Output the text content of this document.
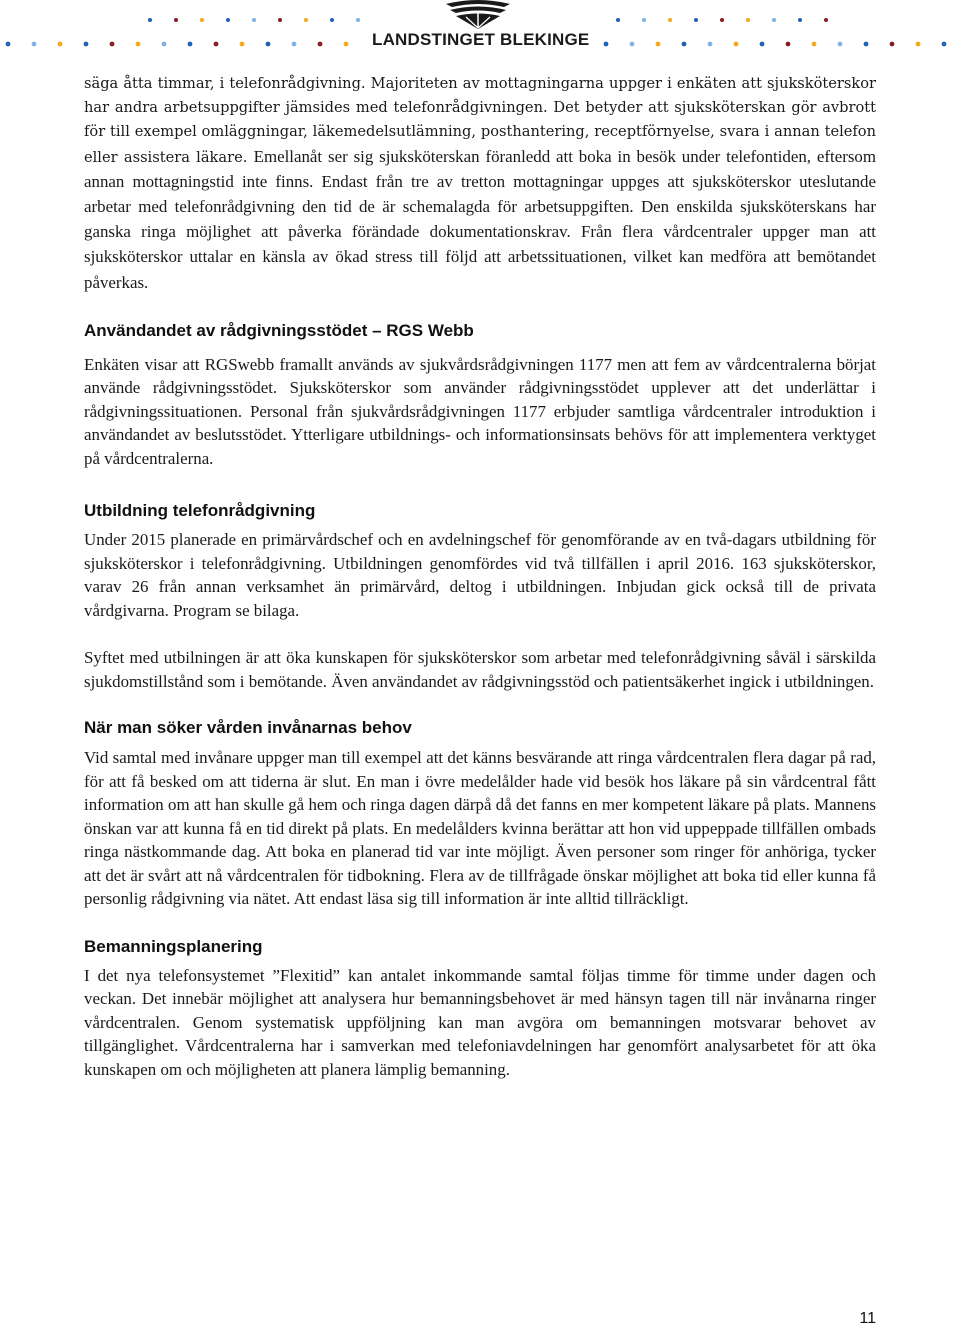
LANDSTINGET BLEKINGE

säga åtta timmar, i telefonrådgivning. Majoriteten av mottagningarna uppger i enkäten att sjuksköterskor har andra arbetsuppgifter jämsides med telefonrådgivningen. Det betyder att sjuksköterskan gör avbrott för till exempel omläggningar, läkemedelsutlämning, posthantering, receptförnyelse, svara i annan telefon eller assistera läkare. Emellanåt ser sig sjuksköterskan föranledd att boka in besök under telefontiden, eftersom annan mottagningstid inte finns. Endast från tre av tretton mottagningar uppges att sjuksköterskor uteslutande arbetar med telefonrådgivning den tid de är schemalagda för arbetsuppgiften. Den enskilda sjuksköterskans har ganska ringa möjlighet att påverka förändade dokumentationskrav. Från flera vårdcentraler uppger man att sjuksköterskor uttalar en känsla av ökad stress till följd att arbetssituationen, vilket kan medföra att bemötandet påverkas.

Användandet av rådgivningsstödet – RGS Webb

Enkäten visar att RGSwebb framallt används av sjukvårdsrådgivningen 1177 men att fem av vårdcentralerna börjat använde rådgivningsstödet. Sjuksköterskor som använder rådgivningsstödet upplever att det underlättar i rådgivningssituationen. Personal från sjukvårdsrådgivningen 1177 erbjuder samtliga vårdcentraler introduktion i användandet av beslutsstödet. Ytterligare utbildnings- och informationsinsats behövs för att implementera verktyget på vårdcentralerna.

Utbildning telefonrådgivning

Under 2015 planerade en primärvårdschef och en avdelningschef för genomförande av en två-dagars utbildning för sjuksköterskor i telefonrådgivning. Utbildningen genomfördes vid två tillfällen i april 2016. 163 sjuksköterskor, varav 26 från annan verksamhet än primärvård, deltog i utbildningen. Inbjudan gick också till de privata vårdgivarna. Program se bilaga.

Syftet med utbilningen är att öka kunskapen för sjuksköterskor som arbetar med telefonrådgivning såväl i särskilda sjukdomstillstånd som i bemötande. Även användandet av rådgivningsstöd och patientsäkerhet ingick i utbildningen.

När man söker vården invånarnas behov

Vid samtal med invånare uppger man till exempel att det känns besvärande att ringa vårdcentralen flera dagar på rad, för att få besked om att tiderna är slut. En man i övre medelålder hade vid besök hos läkare på sin vårdcentral fått information om att han skulle gå hem och ringa dagen därpå då det fanns en mer kompetent läkare på plats. Mannens önskan var att kunna få en tid direkt på plats. En medelålders kvinna berättar att hon vid uppeppade tillfällen ombads ringa nästkommande dag. Att boka en planerad tid var inte möjligt. Även personer som ringer för anhöriga, tycker att det är svårt att nå vårdcentralen för tidbokning. Flera av de tillfrågade önskar möjlighet att boka tid eller kunna få personlig rådgivning via nätet. Att endast läsa sig till information är inte alltid tillräckligt.

Bemanningsplanering

I det nya telefonsystemet ”Flexitid” kan antalet inkommande samtal följas timme för timme under dagen och veckan. Det innebär möjlighet att analysera hur bemanningsbehovet är med hänsyn tagen till när invånarna ringer vårdcentralen. Genom systematisk uppföljning kan man avgöra om bemanningen motsvarar behovet av tillgänglighet. Vårdcentralerna har i samverkan med telefoniavdelningen har genomfört analysarbetet för att öka kunskapen om och möjligheten att planera lämplig bemanning.

11
